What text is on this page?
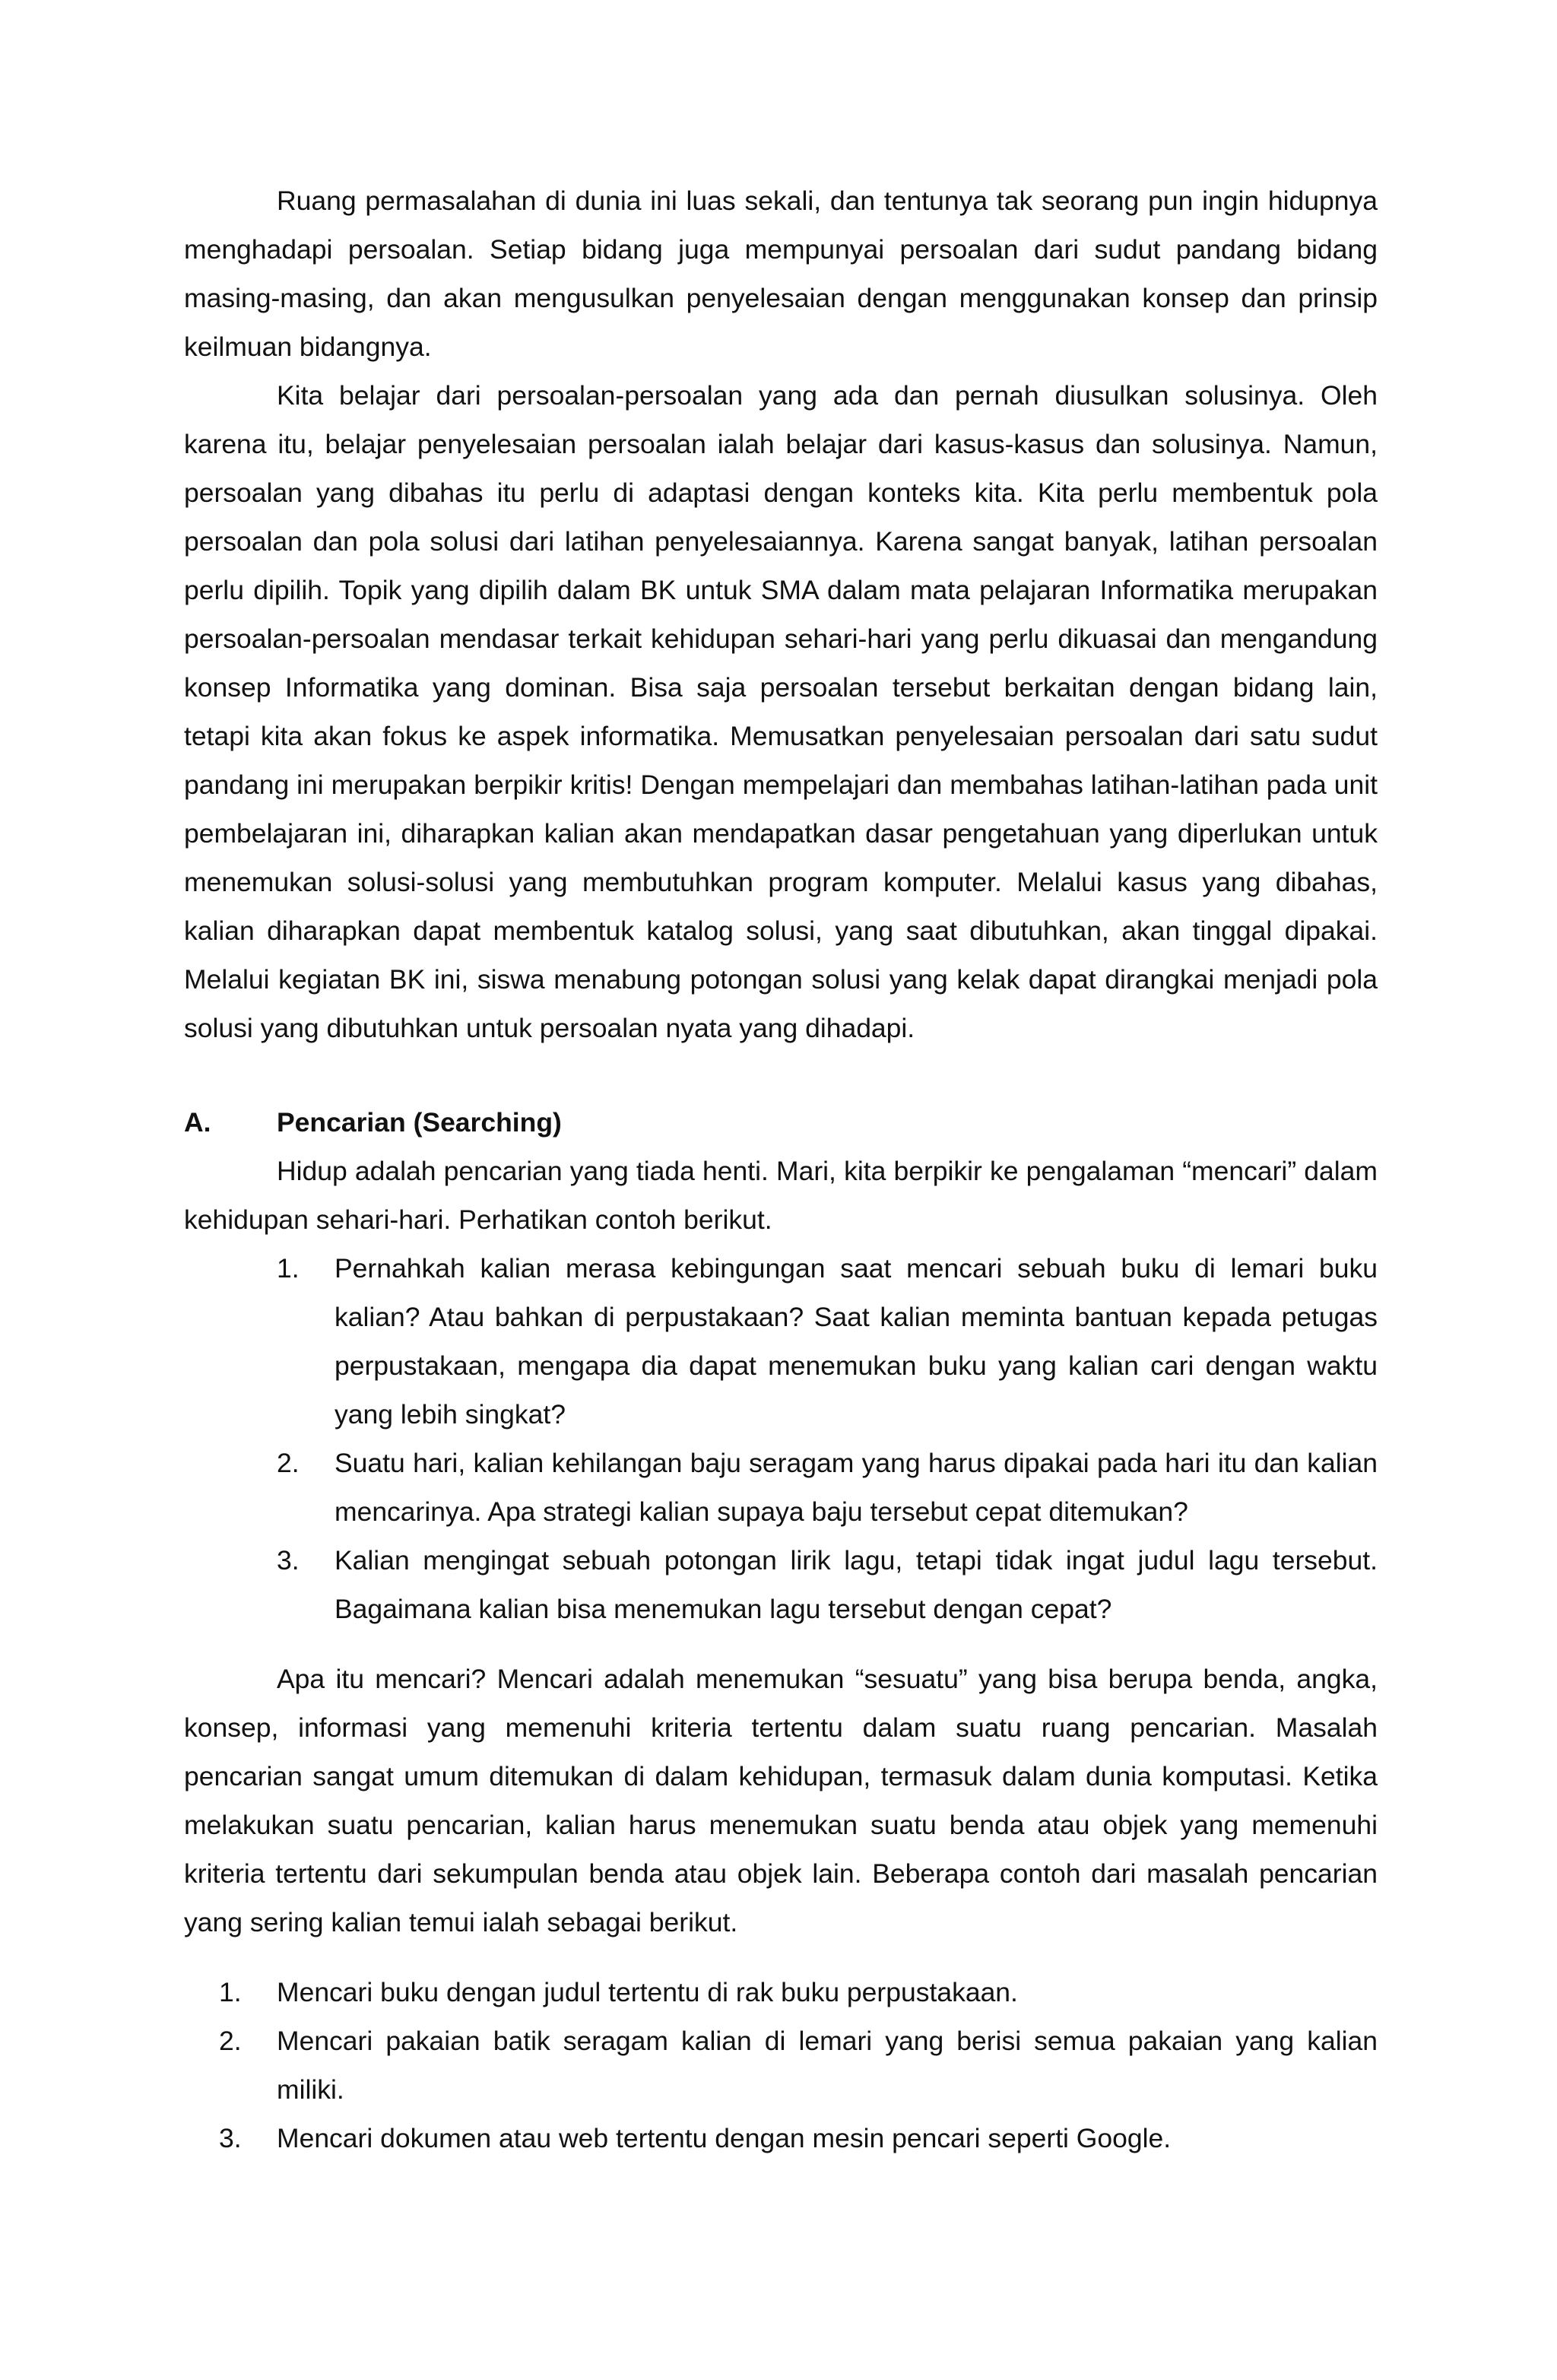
Ruang permasalahan di dunia ini luas sekali, dan tentunya tak seorang pun ingin hidupnya menghadapi persoalan. Setiap bidang juga mempunyai persoalan dari sudut pandang bidang masing-masing, dan akan mengusulkan penyelesaian dengan menggunakan konsep dan prinsip keilmuan bidangnya.

Kita belajar dari persoalan-persoalan yang ada dan pernah diusulkan solusinya. Oleh karena itu, belajar penyelesaian persoalan ialah belajar dari kasus-kasus dan solusinya. Namun, persoalan yang dibahas itu perlu di adaptasi dengan konteks kita. Kita perlu membentuk pola persoalan dan pola solusi dari latihan penyelesaiannya. Karena sangat banyak, latihan persoalan perlu dipilih. Topik yang dipilih dalam BK untuk SMA dalam mata pelajaran Informatika merupakan persoalan-persoalan mendasar terkait kehidupan sehari-hari yang perlu dikuasai dan mengandung konsep Informatika yang dominan. Bisa saja persoalan tersebut berkaitan dengan bidang lain, tetapi kita akan fokus ke aspek informatika. Memusatkan penyelesaian persoalan dari satu sudut pandang ini merupakan berpikir kritis! Dengan mempelajari dan membahas latihan-latihan pada unit pembelajaran ini, diharapkan kalian akan mendapatkan dasar pengetahuan yang diperlukan untuk menemukan solusi-solusi yang membutuhkan program komputer. Melalui kasus yang dibahas, kalian diharapkan dapat membentuk katalog solusi, yang saat dibutuhkan, akan tinggal dipakai. Melalui kegiatan BK ini, siswa menabung potongan solusi yang kelak dapat dirangkai menjadi pola solusi yang dibutuhkan untuk persoalan nyata yang dihadapi.

A.	Pencarian (Searching)

Hidup adalah pencarian yang tiada henti. Mari, kita berpikir ke pengalaman “mencari” dalam kehidupan sehari-hari. Perhatikan contoh berikut.

1.	Pernahkah kalian merasa kebingungan saat mencari sebuah buku di lemari buku kalian? Atau bahkan di perpustakaan? Saat kalian meminta bantuan kepada petugas perpustakaan, mengapa dia dapat menemukan buku yang kalian cari dengan waktu yang lebih singkat?
2.	Suatu hari, kalian kehilangan baju seragam yang harus dipakai pada hari itu dan kalian mencarinya. Apa strategi kalian supaya baju tersebut cepat ditemukan?
3.	Kalian mengingat sebuah potongan lirik lagu, tetapi tidak ingat judul lagu tersebut. Bagaimana kalian bisa menemukan lagu tersebut dengan cepat?

Apa itu mencari? Mencari adalah menemukan “sesuatu” yang bisa berupa benda, angka, konsep, informasi yang memenuhi kriteria tertentu dalam suatu ruang pencarian. Masalah pencarian sangat umum ditemukan di dalam kehidupan, termasuk dalam dunia komputasi. Ketika melakukan suatu pencarian, kalian harus menemukan suatu benda atau objek yang memenuhi kriteria tertentu dari sekumpulan benda atau objek lain. Beberapa contoh dari masalah pencarian yang sering kalian temui ialah sebagai berikut.

1.	Mencari buku dengan judul tertentu di rak buku perpustakaan.
2.	Mencari pakaian batik seragam kalian di lemari yang berisi semua pakaian yang kalian miliki.
3.	Mencari dokumen atau web tertentu dengan mesin pencari seperti Google.
